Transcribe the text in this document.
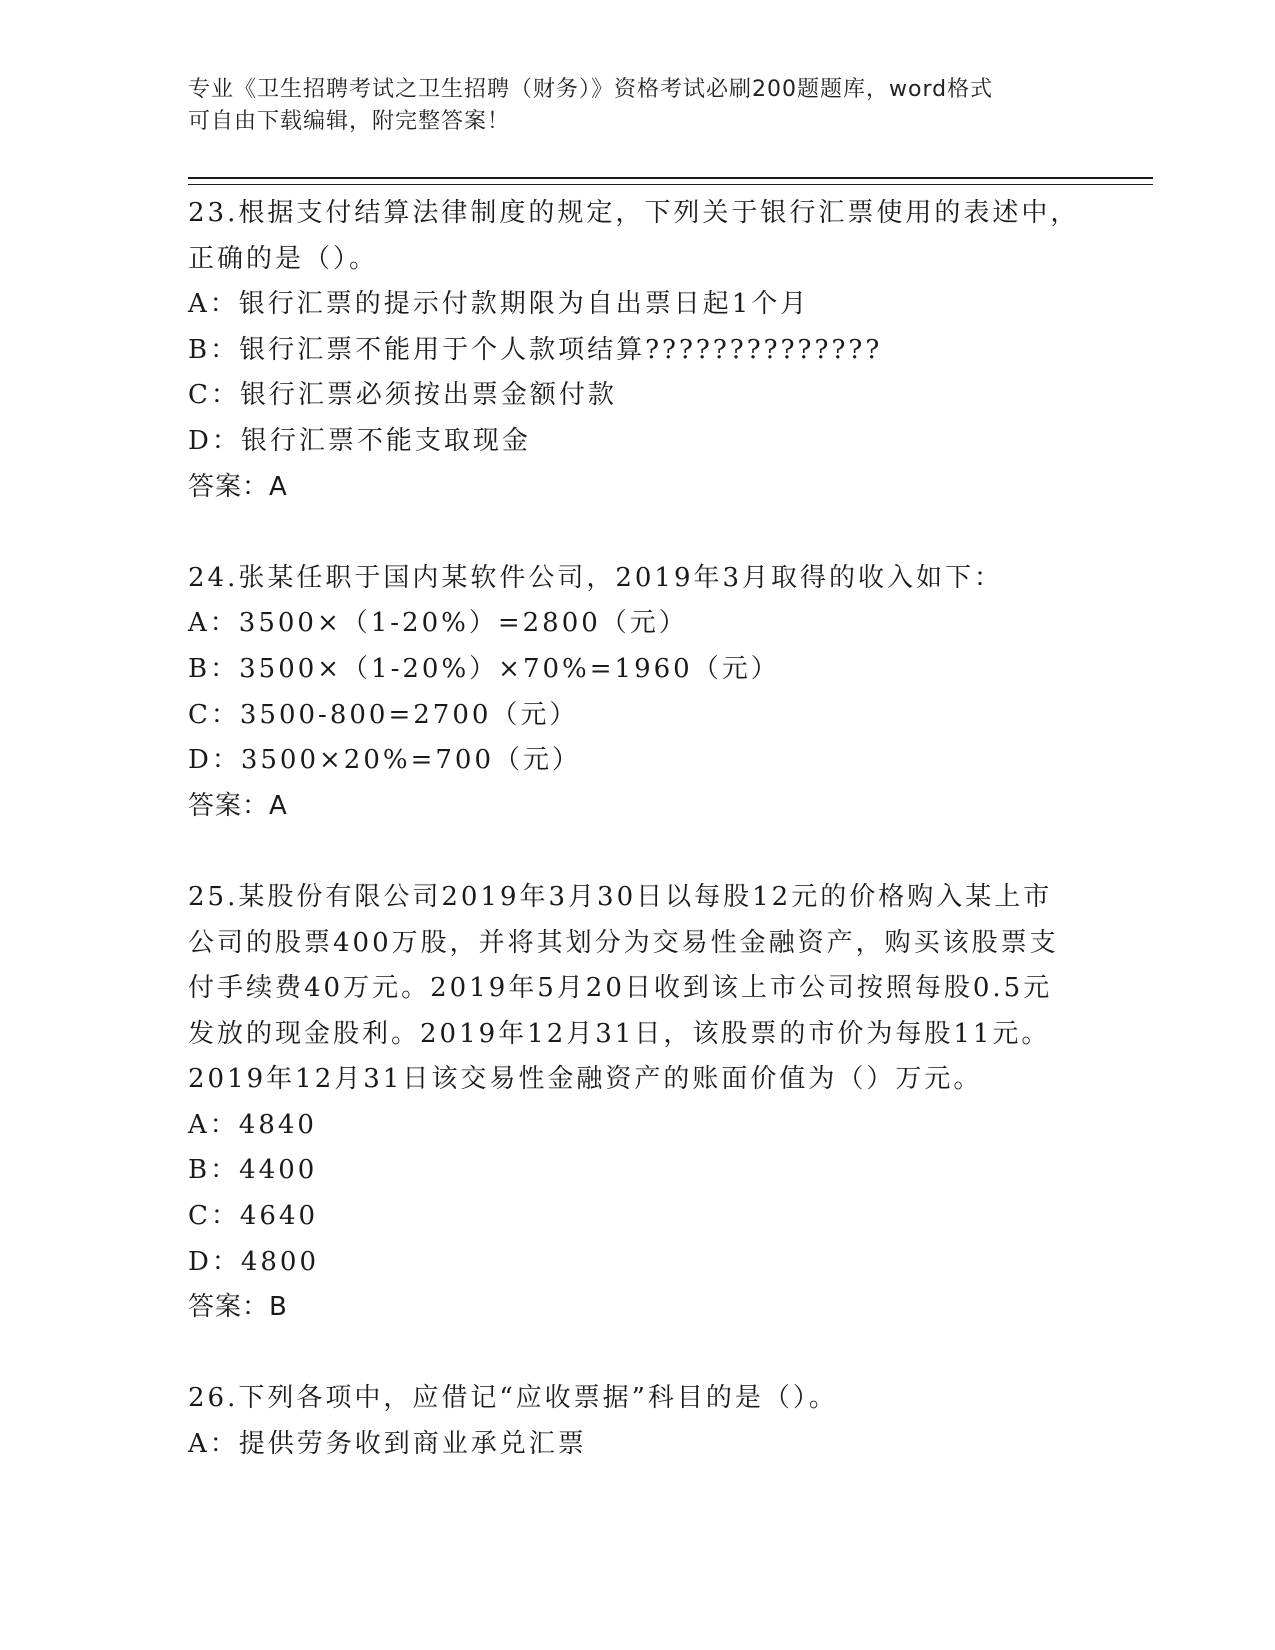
专业《卫生招聘考试之卫生招聘（财务）》资格考试必刷200题题库，word格式
可自由下载编辑，附完整答案！
23.根据支付结算法律制度的规定，下列关于银行汇票使用的表述中，
正确的是（）。
A：银行汇票的提示付款期限为自出票日起1个月
B：银行汇票不能用于个人款项结算??????????????
C：银行汇票必须按出票金额付款
D：银行汇票不能支取现金
答案：A
24.张某任职于国内某软件公司，2019年3月取得的收入如下：
A：3500×（1-20%）=2800（元）
B：3500×（1-20%）×70%=1960（元）
C：3500-800=2700（元）
D：3500×20%=700（元）
答案：A
25.某股份有限公司2019年3月30日以每股12元的价格购入某上市
公司的股票400万股，并将其划分为交易性金融资产，购买该股票支
付手续费40万元。2019年5月20日收到该上市公司按照每股0.5元
发放的现金股利。2019年12月31日，该股票的市价为每股11元。
2019年12月31日该交易性金融资产的账面价值为（）万元。
A：4840
B：4400
C：4640
D：4800
答案：B
26.下列各项中，应借记“应收票据”科目的是（）。
A：提供劳务收到商业承兑汇票
